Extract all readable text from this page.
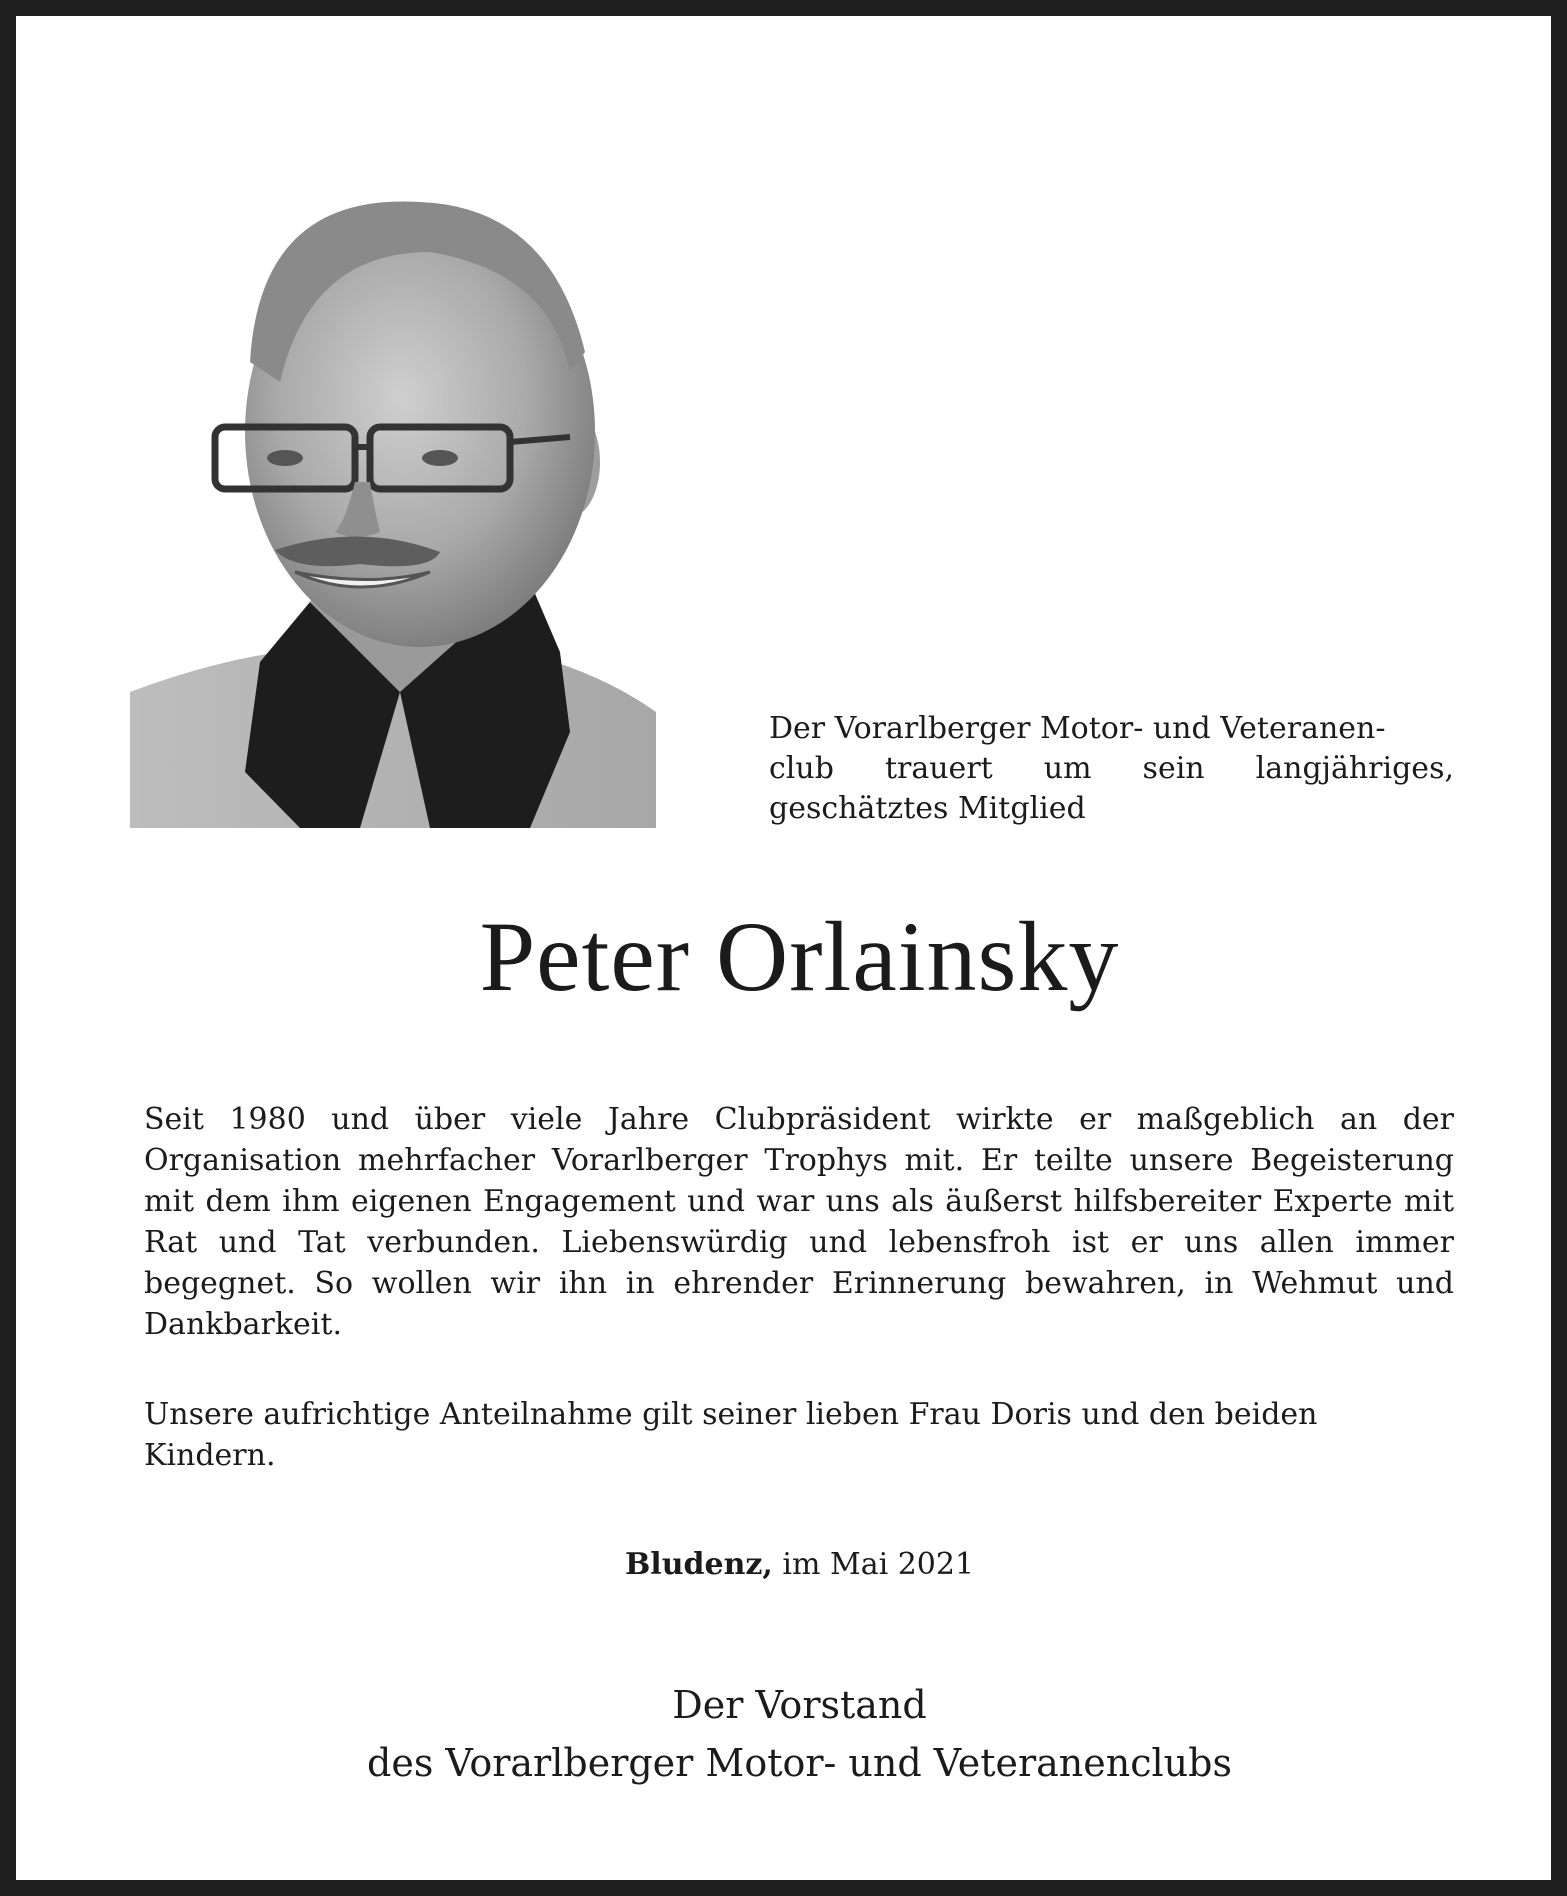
Der Vorarlberger Motor- und Veteranen-
club trauert um sein langjähriges,
geschätztes Mitglied
Peter Orlainsky

Seit 1980 und über viele Jahre Clubpräsident wirkte er maßgeblich an der Organisation mehrfacher Vorarlberger Trophys mit. Er teilte unsere Begeisterung mit dem ihm eigenen Engagement und war uns als äußerst hilfsbereiter Experte mit Rat und Tat verbunden. Liebenswürdig und lebensfroh ist er uns allen immer begegnet. So wollen wir ihn in ehrender Erinnerung bewahren, in Wehmut und Dankbarkeit.

Unsere aufrichtige Anteilnahme gilt seiner lieben Frau Doris und den beiden Kindern.

Bludenz, im Mai 2021
Der Vorstand
des Vorarlberger Motor- und Veteranenclubs
